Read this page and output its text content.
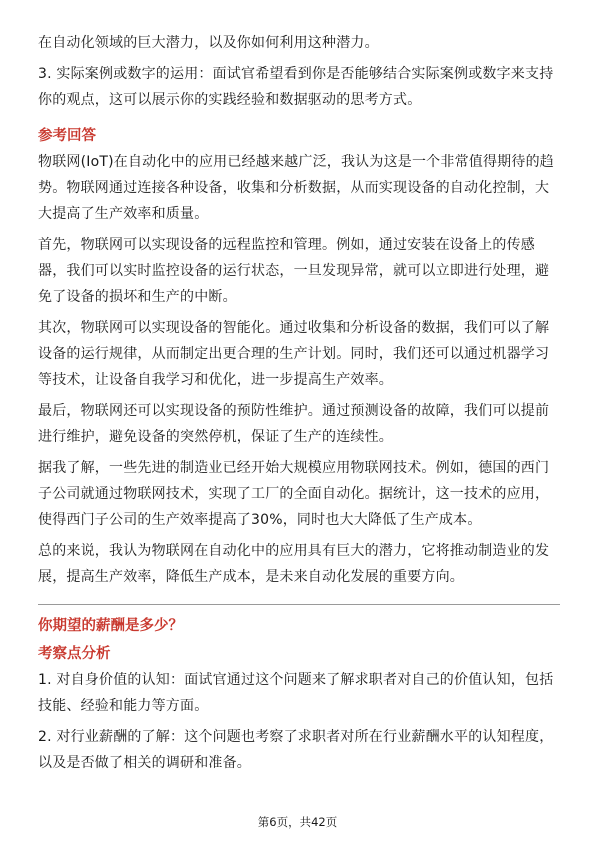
在自动化领域的巨大潜力，以及你如何利用这种潜力。

3. 实际案例或数字的运用：面试官希望看到你是否能够结合实际案例或数字来支持你的观点，这可以展示你的实践经验和数据驱动的思考方式。

参考回答

物联网(IoT)在自动化中的应用已经越来越广泛，我认为这是一个非常值得期待的趋势。物联网通过连接各种设备，收集和分析数据，从而实现设备的自动化控制，大大提高了生产效率和质量。

首先，物联网可以实现设备的远程监控和管理。例如，通过安装在设备上的传感器，我们可以实时监控设备的运行状态，一旦发现异常，就可以立即进行处理，避免了设备的损坏和生产的中断。

其次，物联网可以实现设备的智能化。通过收集和分析设备的数据，我们可以了解设备的运行规律，从而制定出更合理的生产计划。同时，我们还可以通过机器学习等技术，让设备自我学习和优化，进一步提高生产效率。

最后，物联网还可以实现设备的预防性维护。通过预测设备的故障，我们可以提前进行维护，避免设备的突然停机，保证了生产的连续性。

据我了解，一些先进的制造业已经开始大规模应用物联网技术。例如，德国的西门子公司就通过物联网技术，实现了工厂的全面自动化。据统计，这一技术的应用，使得西门子公司的生产效率提高了30%，同时也大大降低了生产成本。

总的来说，我认为物联网在自动化中的应用具有巨大的潜力，它将推动制造业的发展，提高生产效率，降低生产成本，是未来自动化发展的重要方向。

你期望的薪酬是多少？
考察点分析

1. 对自身价值的认知：面试官通过这个问题来了解求职者对自己的价值认知，包括技能、经验和能力等方面。

2. 对行业薪酬的了解：这个问题也考察了求职者对所在行业薪酬水平的认知程度，以及是否做了相关的调研和准备。

第6页，共42页
